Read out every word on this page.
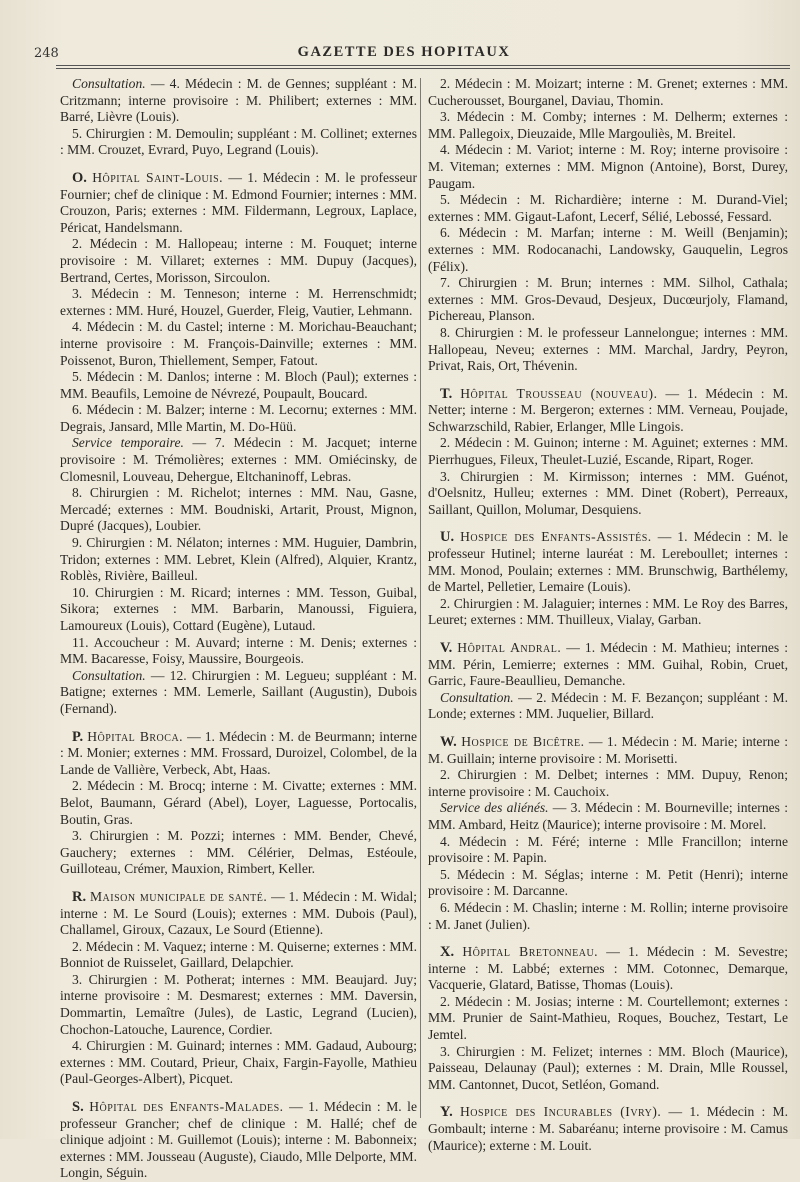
248	GAZETTE DES HOPITAUX

Consultation. — 4. Médecin : M. de Gennes; suppléant : M. Critzmann; interne provisoire : M. Philibert; externes : MM. Barré, Lièvre (Louis).

5. Chirurgien : M. Demoulin; suppléant : M. Collinet; externes : MM. Crouzet, Evrard, Puyo, Legrand (Louis).

O. Hôpital Saint-Louis. — 1. Médecin : M. le professeur Fournier; chef de clinique : M. Edmond Fournier; internes : MM. Crouzon, Paris; externes : MM. Fildermann, Legroux, Laplace, Péricat, Handelsmann.

2. Médecin : M. Hallopeau; interne : M. Fouquet; interne provisoire : M. Villaret; externes : MM. Dupuy (Jacques), Bertrand, Certes, Morisson, Sircoulon.

3. Médecin : M. Tenneson; interne : M. Herrenschmidt; externes : MM. Huré, Houzel, Guerder, Fleig, Vautier, Lehmann.

4. Médecin : M. du Castel; interne : M. Morichau-Beauchant; interne provisoire : M. François-Dainville; externes : MM. Poissenot, Buron, Thiellement, Semper, Fatout.

5. Médecin : M. Danlos; interne : M. Bloch (Paul); externes : MM. Beaufils, Lemoine de Névrezé, Poupault, Boucard.

6. Médecin : M. Balzer; interne : M. Lecornu; externes : MM. Degrais, Jansard, Mlle Martin, M. Do-Hüü.

Service temporaire. — 7. Médecin : M. Jacquet; interne provisoire : M. Trémolières; externes : MM. Omiécinsky, de Clomesnil, Louveau, Dehergue, Eltchaninoff, Lebras.

8. Chirurgien : M. Richelot; internes : MM. Nau, Gasne, Mercadé; externes : MM. Boudniski, Artarit, Proust, Mignon, Dupré (Jacques), Loubier.

9. Chirurgien : M. Nélaton; internes : MM. Huguier, Dambrin, Tridon; externes : MM. Lebret, Klein (Alfred), Alquier, Krantz, Roblès, Rivière, Bailleul.

10. Chirurgien : M. Ricard; internes : MM. Tesson, Guibal, Sikora; externes : MM. Barbarin, Manoussi, Figuiera, Lamoureux (Louis), Cottard (Eugène), Lutaud.

11. Accoucheur : M. Auvard; interne : M. Denis; externes : MM. Bacaresse, Foisy, Maussire, Bourgeois.

Consultation. — 12. Chirurgien : M. Legueu; suppléant : M. Batigne; externes : MM. Lemerle, Saillant (Augustin), Dubois (Fernand).

P. Hôpital Broca. — 1. Médecin : M. de Beurmann; interne : M. Monier; externes : MM. Frossard, Duroizel, Colombel, de la Lande de Vallière, Verbeck, Abt, Haas.

2. Médecin : M. Brocq; interne : M. Civatte; externes : MM. Belot, Baumann, Gérard (Abel), Loyer, Laguesse, Portocalis, Boutin, Gras.

3. Chirurgien : M. Pozzi; internes : MM. Bender, Chevé, Gauchery; externes : MM. Célérier, Delmas, Estéoule, Guilloteau, Crémer, Mauxion, Rimbert, Keller.

R. Maison municipale de santé. — 1. Médecin : M. Widal; interne : M. Le Sourd (Louis); externes : MM. Dubois (Paul), Challamel, Giroux, Cazaux, Le Sourd (Etienne).

2. Médecin : M. Vaquez; interne : M. Quiserne; externes : MM. Bonniot de Ruisselet, Gaillard, Delapchier.

3. Chirurgien : M. Potherat; internes : MM. Beaujard. Juy; interne provisoire : M. Desmarest; externes : MM. Daversin, Dommartin, Lemaître (Jules), de Lastic, Legrand (Lucien), Chochon-Latouche, Laurence, Cordier.

4. Chirurgien : M. Guinard; internes : MM. Gadaud, Aubourg; externes : MM. Coutard, Prieur, Chaix, Fargin-Fayolle, Mathieu (Paul-Georges-Albert), Picquet.

S. Hôpital des Enfants-Malades. — 1. Médecin : M. le professeur Grancher; chef de clinique : M. Hallé; chef de clinique adjoint : M. Guillemot (Louis); interne : M. Babonneix; externes : MM. Jousseau (Auguste), Ciaudo, Mlle Delporte, MM. Longin, Séguin.

2. Médecin : M. Moizart; interne : M. Grenet; externes : MM. Cucherousset, Bourganel, Daviau, Thomin.

3. Médecin : M. Comby; internes : M. Delherm; externes : MM. Pallegoix, Dieuzaide, Mlle Margouliès, M. Breitel.

4. Médecin : M. Variot; interne : M. Roy; interne provisoire : M. Viteman; externes : MM. Mignon (Antoine), Borst, Durey, Paugam.

5. Médecin : M. Richardière; interne : M. Durand-Viel; externes : MM. Gigaut-Lafont, Lecerf, Sélié, Lebossé, Fessard.

6. Médecin : M. Marfan; interne : M. Weill (Benjamin); externes : MM. Rodocanachi, Landowsky, Gauquelin, Legros (Félix).

7. Chirurgien : M. Brun; internes : MM. Silhol, Cathala; externes : MM. Gros-Devaud, Desjeux, Ducœurjoly, Flamand, Pichereau, Planson.

8. Chirurgien : M. le professeur Lannelongue; internes : MM. Hallopeau, Neveu; externes : MM. Marchal, Jardry, Peyron, Privat, Rais, Ort, Thévenin.

T. Hôpital Trousseau (nouveau). — 1. Médecin : M. Netter; interne : M. Bergeron; externes : MM. Verneau, Poujade, Schwarzschild, Rabier, Erlanger, Mlle Lingois.

2. Médecin : M. Guinon; interne : M. Aguinet; externes : MM. Pierrhugues, Fileux, Theulet-Luzié, Escande, Ripart, Roger.

3. Chirurgien : M. Kirmisson; internes : MM. Guénot, d'Oelsnitz, Hulleu; externes : MM. Dinet (Robert), Perreaux, Saillant, Quillon, Molumar, Desquiens.

U. Hospice des Enfants-Assistés. — 1. Médecin : M. le professeur Hutinel; interne lauréat : M. Lereboullet; internes : MM. Monod, Poulain; externes : MM. Brunschwig, Barthélemy, de Martel, Pelletier, Lemaire (Louis).

2. Chirurgien : M. Jalaguier; internes : MM. Le Roy des Barres, Leuret; externes : MM. Thuilleux, Vialay, Garban.

V. Hôpital Andral. — 1. Médecin : M. Mathieu; internes : MM. Périn, Lemierre; externes : MM. Guihal, Robin, Cruet, Garric, Faure-Beaullieu, Demanche.

Consultation. — 2. Médecin : M. F. Bezançon; suppléant : M. Londe; externes : MM. Juquelier, Billard.

W. Hospice de Bicêtre. — 1. Médecin : M. Marie; interne : M. Guillain; interne provisoire : M. Morisetti.

2. Chirurgien : M. Delbet; internes : MM. Dupuy, Renon; interne provisoire : M. Cauchoix.

Service des aliénés. — 3. Médecin : M. Bourneville; internes : MM. Ambard, Heitz (Maurice); interne provisoire : M. Morel.

4. Médecin : M. Féré; interne : Mlle Francillon; interne provisoire : M. Papin.

5. Médecin : M. Séglas; interne : M. Petit (Henri); interne provisoire : M. Darcanne.

6. Médecin : M. Chaslin; interne : M. Rollin; interne provisoire : M. Janet (Julien).

X. Hôpital Bretonneau. — 1. Médecin : M. Sevestre; interne : M. Labbé; externes : MM. Cotonnec, Demarque, Vacquerie, Glatard, Batisse, Thomas (Louis).

2. Médecin : M. Josias; interne : M. Courtellemont; externes : MM. Prunier de Saint-Mathieu, Roques, Bouchez, Testart, Le Jemtel.

3. Chirurgien : M. Felizet; internes : MM. Bloch (Maurice), Paisseau, Delaunay (Paul); externes : M. Drain, Mlle Roussel, MM. Cantonnet, Ducot, Setléon, Gomand.

Y. Hospice des Incurables (Ivry). — 1. Médecin : M. Gombault; interne : M. Sabaréanu; interne provisoire : M. Camus (Maurice); externe : M. Louit.
